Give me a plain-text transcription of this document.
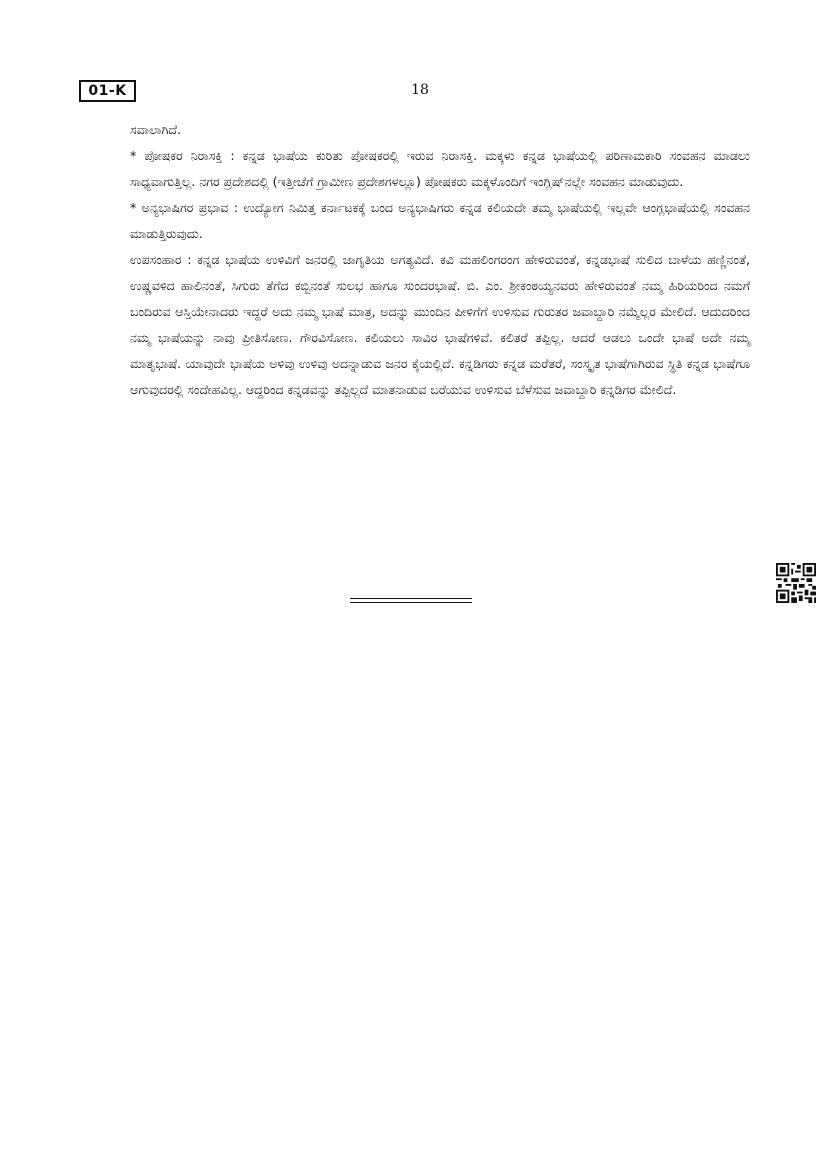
01-K	18

ಸವಾಲಾಗಿದೆ.

* ಪೋಷಕರ ನಿರಾಸಕ್ತಿ : ಕನ್ನಡ ಭಾಷೆಯ ಕುರಿತು ಪೋಷಕರಲ್ಲಿ ಇರುವ ನಿರಾಸಕ್ತಿ. ಮಕ್ಕಳು ಕನ್ನಡ ಭಾಷೆಯಲ್ಲಿ ಪರಿಣಾಮಕಾರಿ ಸಂವಹನ ಮಾಡಲು ಸಾಧ್ಯವಾಗುತ್ತಿಲ್ಲ. ನಗರ ಪ್ರದೇಶದಲ್ಲಿ (ಇತ್ತೀಚೆಗೆ ಗ್ರಾಮೀಣ ಪ್ರದೇಶಗಳಲ್ಲೂ) ಪೋಷಕರು ಮಕ್ಕಳೊಂದಿಗೆ ಇಂಗ್ಲಿಷ್‌ನಲ್ಲೇ ಸಂವಹನ ಮಾಡುವುದು.

* ಅನ್ಯಭಾಷಿಗರ ಪ್ರಭಾವ : ಉದ್ಯೋಗ ನಿಮಿತ್ತ ಕರ್ನಾಟಕಕ್ಕೆ ಬಂದ ಅನ್ಯಭಾಷಿಗರು ಕನ್ನಡ ಕಲಿಯದೇ ತಮ್ಮ ಭಾಷೆಯಲ್ಲಿ ಇಲ್ಲವೇ ಆಂಗ್ಲಭಾಷೆಯಲ್ಲಿ ಸಂವಹನ ಮಾಡುತ್ತಿರುವುದು.

ಉಪಸಂಹಾರ : ಕನ್ನಡ ಭಾಷೆಯ ಉಳಿವಿಗೆ ಜನರಲ್ಲಿ ಜಾಗೃತಿಯ ಅಗತ್ಯವಿದೆ. ಕವಿ ಮಹಲಿಂಗರಂಗ ಹೇಳಿರುವಂತೆ, ಕನ್ನಡಭಾಷೆ ಸುಲಿದ ಬಾಳೆಯ ಹಣ್ಣಿನಂತೆ, ಉಷ್ಣವಳಿದ ಹಾಲಿನಂತೆ, ಸಿಗುರು ತೆಗೆದ ಕಬ್ಬಿನಂತೆ ಸುಲಭ ಹಾಗೂ ಸುಂದರಭಾಷೆ. ಬಿ. ಎಂ. ಶ್ರೀಕಂಠಯ್ಯನವರು ಹೇಳಿರುವಂತೆ ನಮ್ಮ ಹಿರಿಯರಿಂದ ನಮಗೆ ಬಂದಿರುವ ಆಸ್ತಿಯೇನಾದರು ಇದ್ದರೆ ಅದು ನಮ್ಮ ಭಾಷೆ ಮಾತ್ರ, ಅದನ್ನು ಮುಂದಿನ ಪೀಳಿಗೆಗೆ ಉಳಿಸುವ ಗುರುತರ ಜವಾಬ್ದಾರಿ ನಮ್ಮೆಲ್ಲರ ಮೇಲಿದೆ. ಆದುದರಿಂದ ನಮ್ಮ ಭಾಷೆಯನ್ನು ನಾವು ಪ್ರೀತಿಸೋಣ. ಗೌರವಿಸೋಣ. ಕಲಿಯಲು ಸಾವಿರ ಭಾಷೆಗಳಿವೆ. ಕಲಿತರೆ ತಪ್ಪಿಲ್ಲ. ಆದರೆ ಆಡಲು ಒಂದೇ ಭಾಷೆ ಅದೇ ನಮ್ಮ ಮಾತೃಭಾಷೆ. ಯಾವುದೇ ಭಾಷೆಯ ಅಳಿವು ಉಳಿವು ಅದನ್ನಾಡುವ ಜನರ ಕೈಯಲ್ಲಿದೆ. ಕನ್ನಡಿಗರು ಕನ್ನಡ ಮರೆತರೆ, ಸಂಸ್ಕೃತ ಭಾಷೆಗಾಗಿರುವ ಸ್ಥಿತಿ ಕನ್ನಡ ಭಾಷೆಗೂ ಆಗುವುದರಲ್ಲಿ ಸಂದೇಹವಿಲ್ಲ. ಆದ್ದರಿಂದ ಕನ್ನಡವನ್ನು ತಪ್ಪಿಲ್ಲದೆ ಮಾತನಾಡುವ ಬರೆಯುವ ಉಳಿಸುವ ಬೆಳೆಸುವ ಜವಾಬ್ದಾರಿ ಕನ್ನಡಿಗರ ಮೇಲಿದೆ.
